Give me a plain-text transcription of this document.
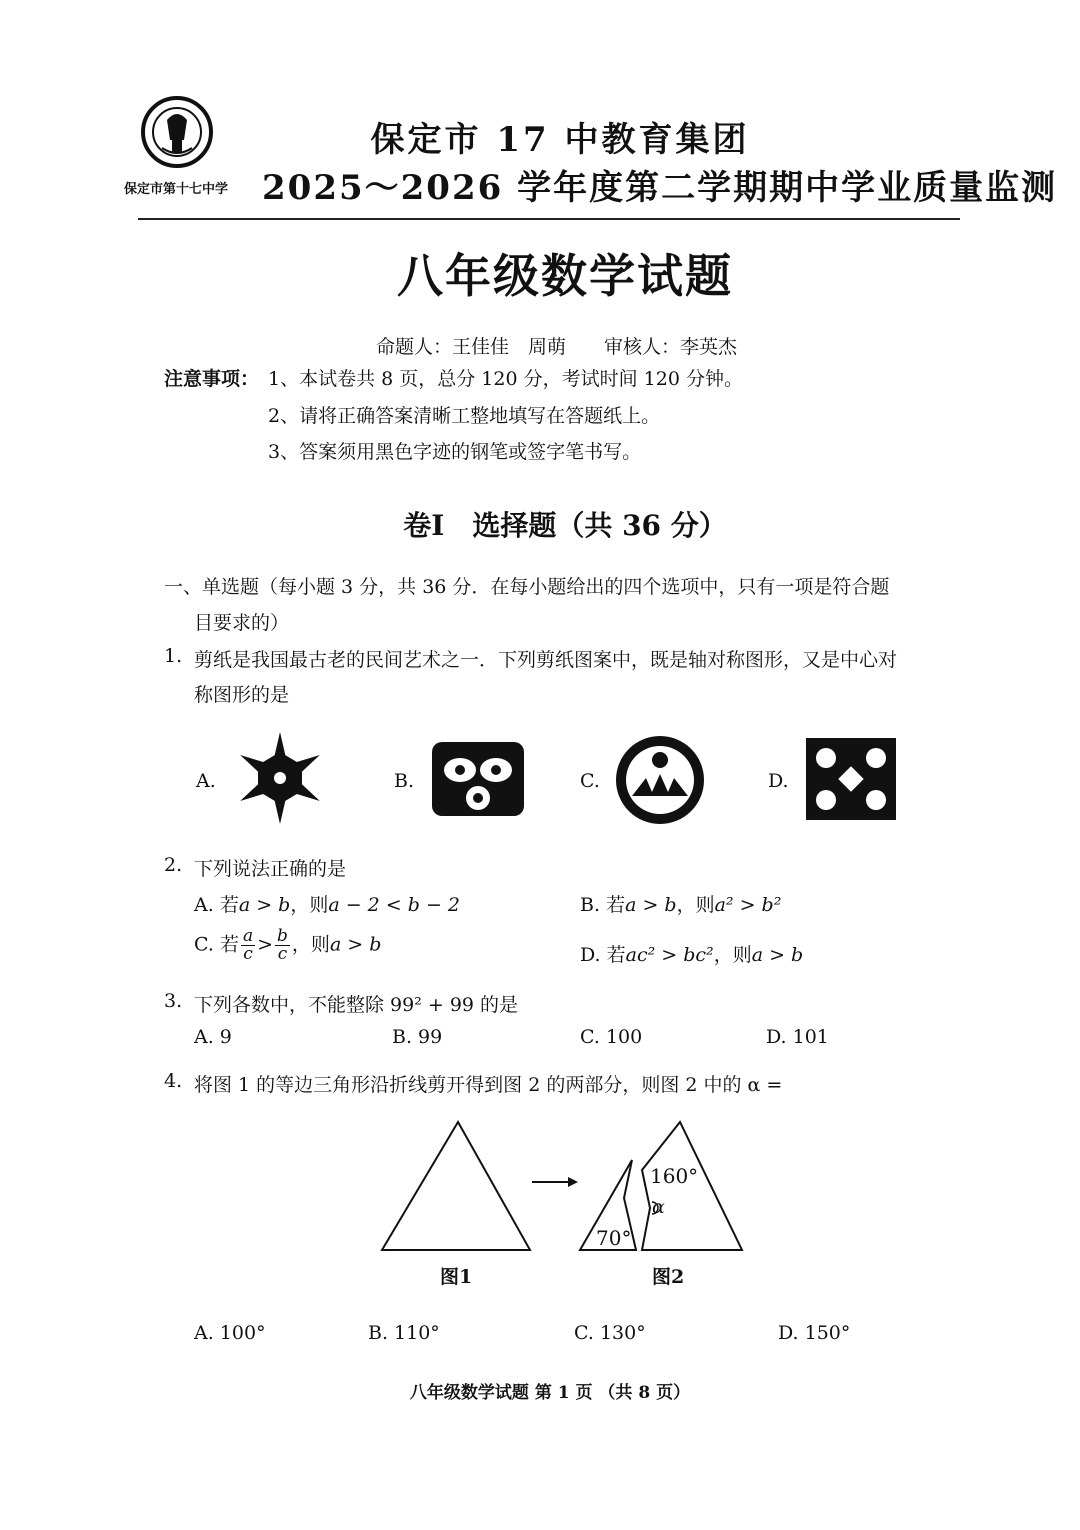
保定市第十七中学
保定市 17 中教育集团
2025～2026 学年度第二学期期中学业质量监测
八年级数学试题
命题人：王佳佳　周萌　　审核人：李英杰
注意事项： 1、本试卷共 8 页，总分 120 分，考试时间 120 分钟。
2、请将正确答案清晰工整地填写在答题纸上。
3、答案须用黑色字迹的钢笔或签字笔书写。
卷Ⅰ　选择题（共 36 分）
一、单选题（每小题 3 分，共 36 分．在每小题给出的四个选项中，只有一项是符合题
目要求的）
1. 剪纸是我国最古老的民间艺术之一．下列剪纸图案中，既是轴对称图形，又是中心对
称图形的是
A.	B.	C.	D.
2. 下列说法正确的是
A. 若a > b，则a − 2 < b − 2	B. 若a > b，则a² > b²
C. 若 $\frac{a}{c} > \frac{b}{c}$ ，则a > b	D. 若ac² > bc²，则a > b
3. 下列各数中，不能整除 99² + 99 的是
A. 9	B. 99	C. 100	D. 101
4. 将图 1 的等边三角形沿折线剪开得到图 2 的两部分，则图 2 中的 α =
160°
α
70°
图1	图2
A. 100°	B. 110°	C. 130°	D. 150°
八年级数学试题 第 1 页 （共 8 页）
